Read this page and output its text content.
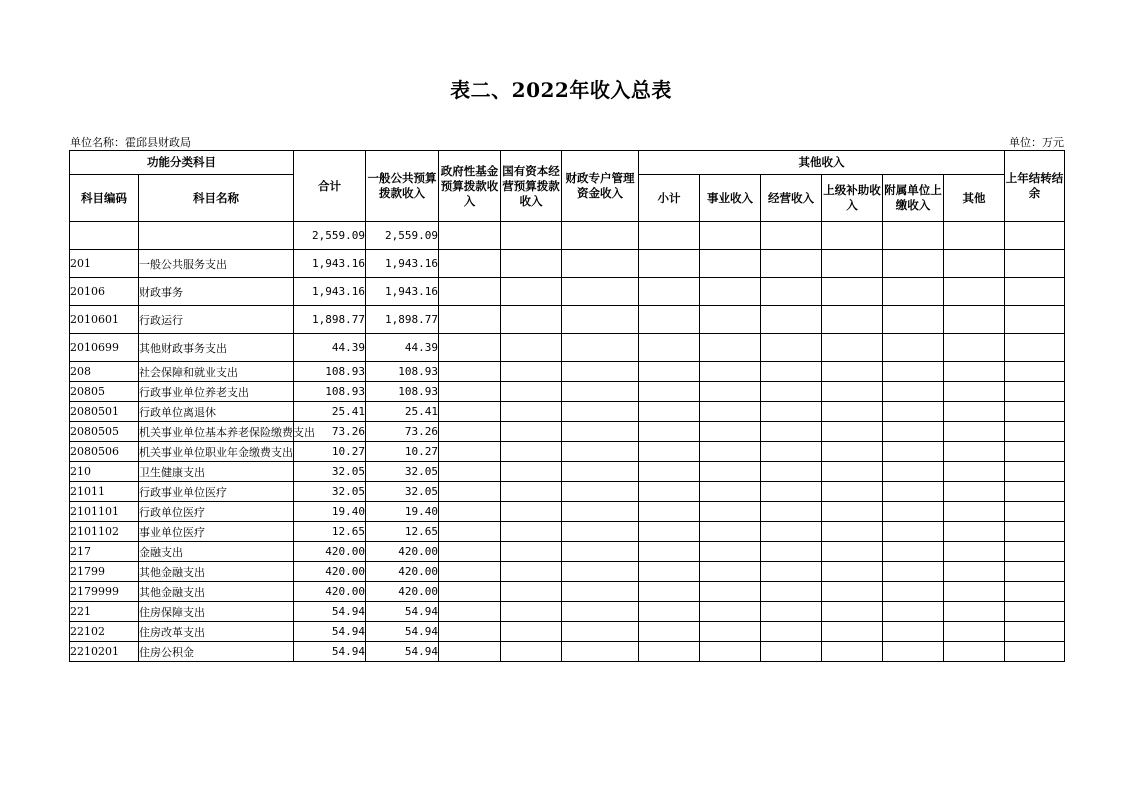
表二、2022年收入总表
单位名称：霍邱县财政局	单位：万元
功能分类科目		合计	一般公共预算拨款收入	政府性基金预算拨款收入	国有资本经营预算拨款收入	财政专户管理资金收入	其他收入						上年结转结余
科目编码	科目名称						小计	事业收入	经营收入	上级补助收入	附属单位上缴收入	其他	
		2,559.09	2,559.09										
201	一般公共服务支出	1,943.16	1,943.16										
20106	财政事务	1,943.16	1,943.16										
2010601	行政运行	1,898.77	1,898.77										
2010699	其他财政事务支出	44.39	44.39										
208	社会保障和就业支出	108.93	108.93										
20805	行政事业单位养老支出	108.93	108.93										
2080501	行政单位离退休	25.41	25.41										
2080505	机关事业单位基本养老保险缴费支出	73.26	73.26										
2080506	机关事业单位职业年金缴费支出	10.27	10.27										
210	卫生健康支出	32.05	32.05										
21011	行政事业单位医疗	32.05	32.05										
2101101	行政单位医疗	19.40	19.40										
2101102	事业单位医疗	12.65	12.65										
217	金融支出	420.00	420.00										
21799	其他金融支出	420.00	420.00										
2179999	其他金融支出	420.00	420.00										
221	住房保障支出	54.94	54.94										
22102	住房改革支出	54.94	54.94										
2210201	住房公积金	54.94	54.94										
